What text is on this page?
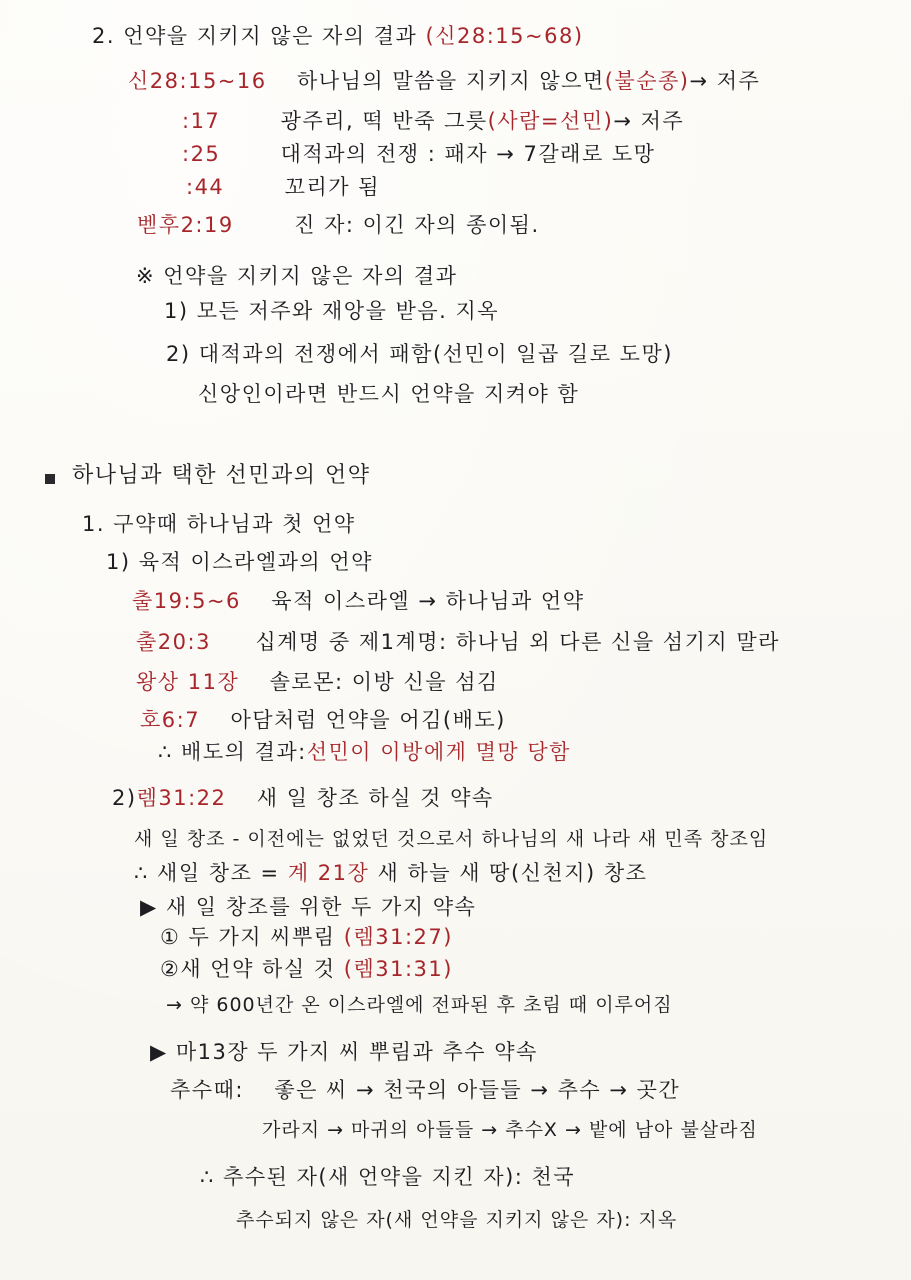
2. 언약을 지키지 않은 자의 결과 (신28:15~68)
신28:15~16 하나님의 말씀을 지키지 않으면(불순종)→ 저주
:17	광주리, 떡 반죽 그릇(사람=선민)→ 저주
:25	대적과의 전쟁 : 패자 → 7갈래로 도망
:44	꼬리가 됨
벧후2:19	진 자: 이긴 자의 종이됨.
※ 언약을 지키지 않은 자의 결과
1) 모든 저주와 재앙을 받음. 지옥
2) 대적과의 전쟁에서 패함(선민이 일곱 길로 도망)
신앙인이라면 반드시 언약을 지켜야 함
하나님과 택한 선민과의 언약
1. 구약때 하나님과 첫 언약
1) 육적 이스라엘과의 언약
출19:5~6 육적 이스라엘 → 하나님과 언약
출20:3 십계명 중 제1계명: 하나님 외 다른 신을 섬기지 말라
왕상 11장 솔로몬: 이방 신을 섬김
호6:7 아담처럼 언약을 어김(배도)
∴ 배도의 결과:선민이 이방에게 멸망 당함
2)렘31:22 새 일 창조 하실 것 약속
새 일 창조 - 이전에는 없었던 것으로서 하나님의 새 나라 새 민족 창조임
∴ 새일 창조 = 계 21장 새 하늘 새 땅(신천지) 창조
▶ 새 일 창조를 위한 두 가지 약속
① 두 가지 씨뿌림 (렘31:27)
②새 언약 하실 것 (렘31:31)
→ 약 600년간 온 이스라엘에 전파된 후 초림 때 이루어짐
▶ 마13장 두 가지 씨 뿌림과 추수 약속
추수때: 좋은 씨 → 천국의 아들들 → 추수 → 곳간
가라지 → 마귀의 아들들 → 추수X → 밭에 남아 불살라짐
∴ 추수된 자(새 언약을 지킨 자): 천국
추수되지 않은 자(새 언약을 지키지 않은 자): 지옥
